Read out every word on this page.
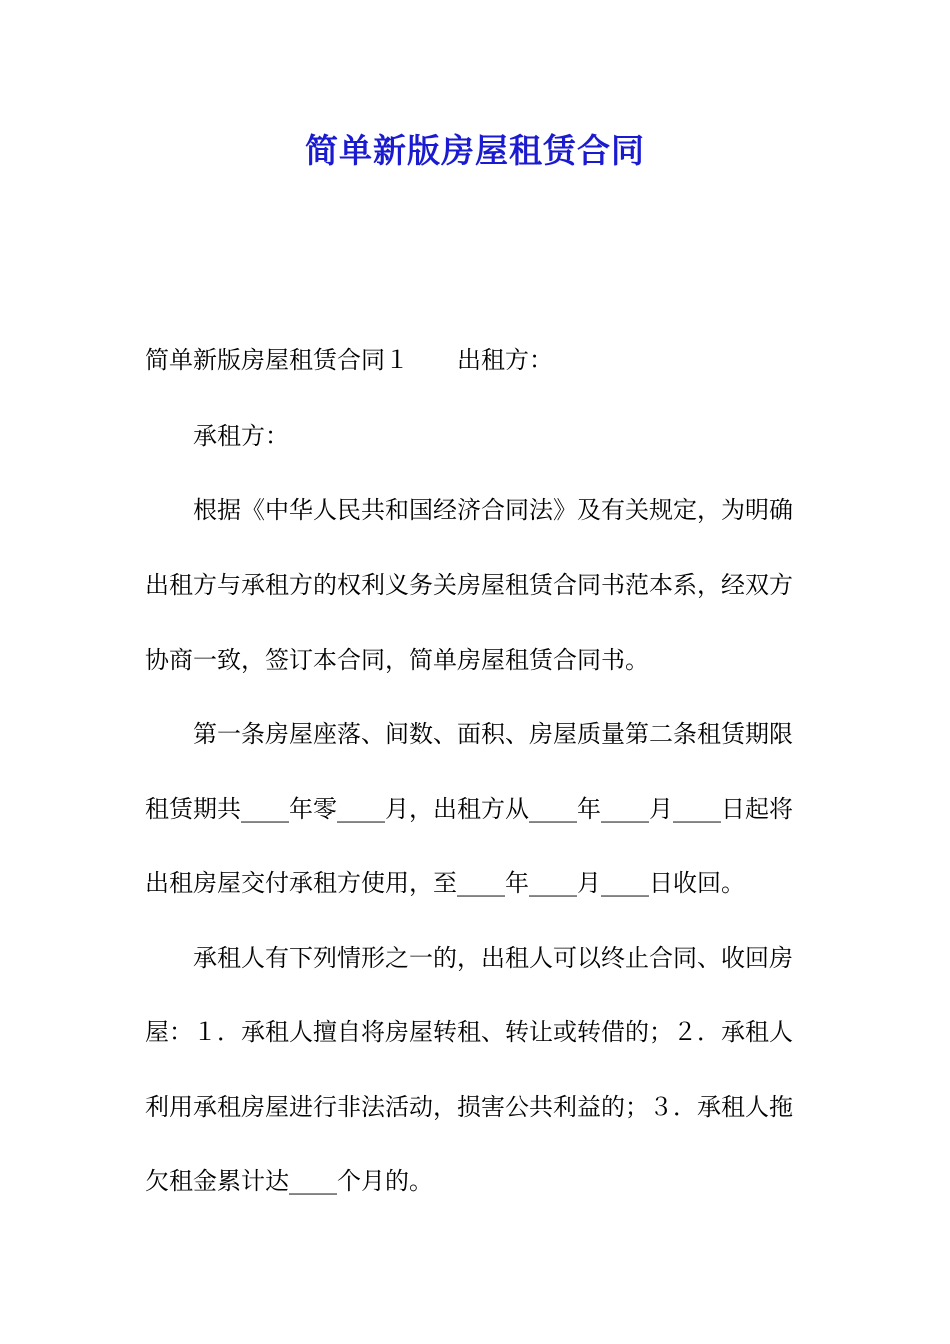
简单新版房屋租赁合同
简单新版房屋租赁合同１ 出租方：
承租方：
根据《中华人民共和国经济合同法》及有关规定，为明确
出租方与承租方的权利义务关房屋租赁合同书范本系，经双方
协商一致，签订本合同，简单房屋租赁合同书。
第一条房屋座落、间数、面积、房屋质量第二条租赁期限
租赁期共____年零____月，出租方从____年____月____日起将
出租房屋交付承租方使用，至____年____月____日收回。
承租人有下列情形之一的，出租人可以终止合同、收回房
屋：１．承租人擅自将房屋转租、转让或转借的；２．承租人
利用承租房屋进行非法活动，损害公共利益的；３．承租人拖
欠租金累计达____个月的。
